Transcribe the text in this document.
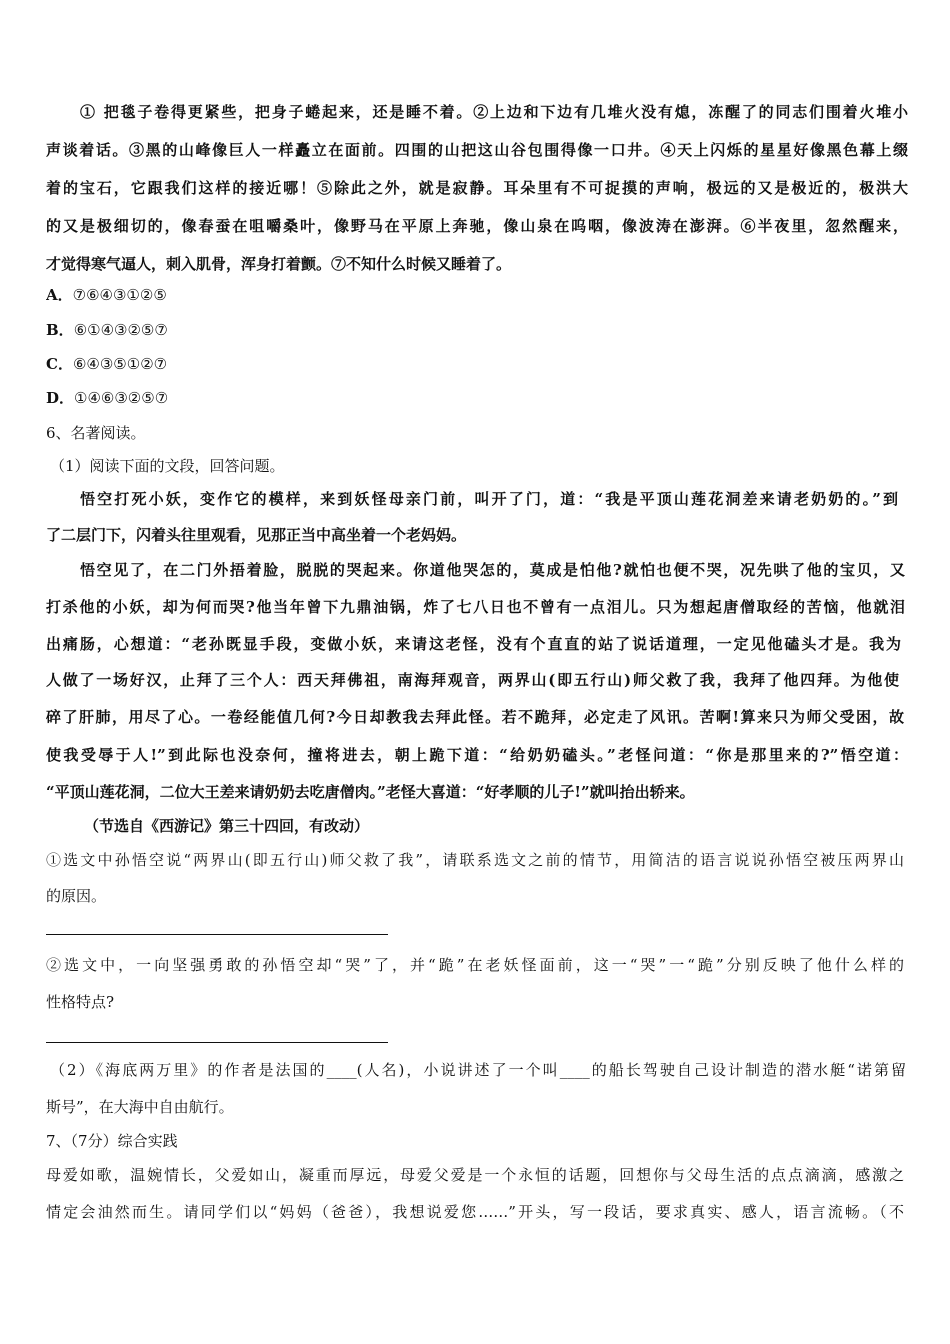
① 把毯子卷得更紧些，把身子蜷起来，还是睡不着。②上边和下边有几堆火没有熄，冻醒了的同志们围着火堆小
声谈着话。③黑的山峰像巨人一样矗立在面前。四围的山把这山谷包围得像一口井。④天上闪烁的星星好像黑色幕上缀
着的宝石，它跟我们这样的接近哪！⑤除此之外，就是寂静。耳朵里有不可捉摸的声响，极远的又是极近的，极洪大
的又是极细切的，像春蚕在咀嚼桑叶，像野马在平原上奔驰，像山泉在呜咽，像波涛在澎湃。⑥半夜里，忽然醒来，
才觉得寒气逼人，刺入肌骨，浑身打着颤。⑦不知什么时候又睡着了。
A．⑦⑥④③①②⑤
B．⑥①④③②⑤⑦
C．⑥④③⑤①②⑦
D．①④⑥③②⑤⑦
6、名著阅读。
（1）阅读下面的文段，回答问题。
悟空打死小妖，变作它的模样，来到妖怪母亲门前，叫开了门，道：“我是平顶山莲花洞差来请老奶奶的。”到
了二层门下，闪着头往里观看，见那正当中高坐着一个老妈妈。
悟空见了，在二门外捂着脸，脱脱的哭起来。你道他哭怎的，莫成是怕他?就怕也便不哭，况先哄了他的宝贝，又
打杀他的小妖，却为何而哭?他当年曾下九鼎油锅，炸了七八日也不曾有一点泪儿。只为想起唐僧取经的苦恼，他就泪
出痛肠，心想道：“老孙既显手段，变做小妖，来请这老怪，没有个直直的站了说话道理，一定见他磕头才是。我为
人做了一场好汉，止拜了三个人：西天拜佛祖，南海拜观音，两界山(即五行山)师父救了我，我拜了他四拜。为他使
碎了肝肺，用尽了心。一卷经能值几何?今日却教我去拜此怪。若不跪拜，必定走了风讯。苦啊!算来只为师父受困，故
使我受辱于人!”到此际也没奈何，撞将进去，朝上跪下道：“给奶奶磕头。”老怪问道：“你是那里来的?”悟空道：
“平顶山莲花洞，二位大王差来请奶奶去吃唐僧肉。”老怪大喜道：“好孝顺的儿子!”就叫抬出轿来。
（节选自《西游记》第三十四回，有改动）
①选文中孙悟空说“两界山(即五行山)师父救了我”，请联系选文之前的情节，用简洁的语言说说孙悟空被压两界山
的原因。
②选文中，一向坚强勇敢的孙悟空却“哭”了，并“跪”在老妖怪面前，这一“哭”一“跪”分别反映了他什么样的
性格特点?
（2）《海底两万里》的作者是法国的____(人名)，小说讲述了一个叫____的船长驾驶自己设计制造的潜水艇“诺第留
斯号”，在大海中自由航行。
7、（7分）综合实践
母爱如歌，温婉情长，父爱如山，凝重而厚远，母爱父爱是一个永恒的话题，回想你与父母生活的点点滴滴，感激之
情定会油然而生。请同学们以“妈妈（爸爸），我想说爱您……”开头，写一段话，要求真实、感人，语言流畅。（不
